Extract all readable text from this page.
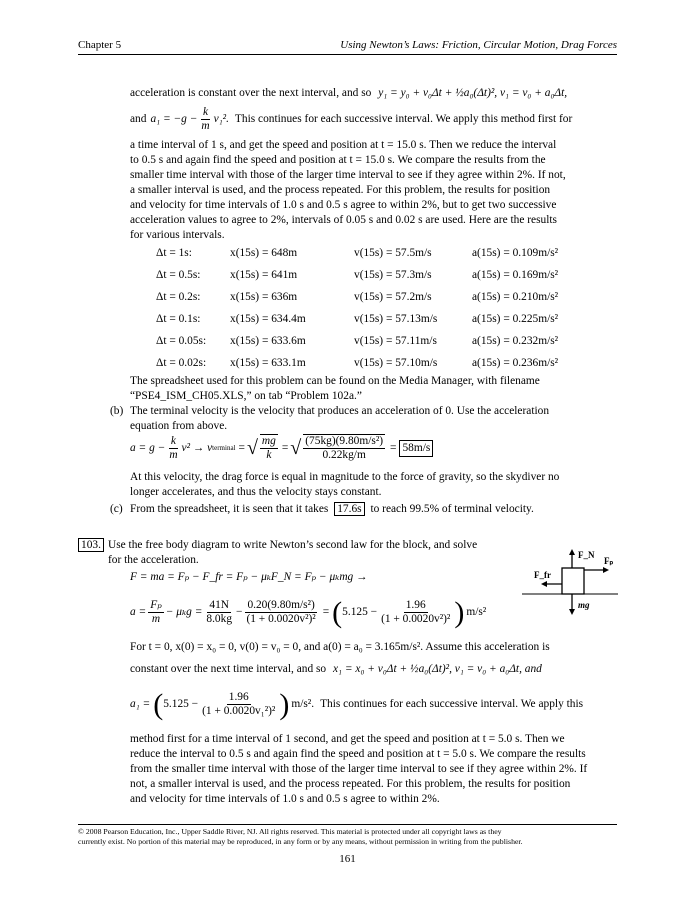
Chapter 5	Using Newton’s Laws: Friction, Circular Motion, Drag Forces
acceleration is constant over the next interval, and so y₁ = y₀ + v₀Δt + ½a₀(Δt)², v₁ = v₀ + a₀Δt,
and $a_1 = -g - \frac{k}{m} v_1^2$. This continues for each successive interval. We apply this method first for
a time interval of 1 s, and get the speed and position at t = 15.0 s. Then we reduce the interval
to 0.5 s and again find the speed and position at t = 15.0 s. We compare the results from the
smaller time interval with those of the larger time interval to see if they agree within 2%. If not,
a smaller interval is used, and the process repeated. For this problem, the results for position
and velocity for time intervals of 1.0 s and 0.5 s agree to within 2%, but to get two successive
acceleration values to agree to 2%, intervals of 0.05 s and 0.02 s are used. Here are the results
for various intervals.
Δt = 1s:	x(15s) = 648m	v(15s) = 57.5m/s	a(15s) = 0.109m/s²
Δt = 0.5s:	x(15s) = 641m	v(15s) = 57.3m/s	a(15s) = 0.169m/s²
Δt = 0.2s:	x(15s) = 636m	v(15s) = 57.2m/s	a(15s) = 0.210m/s²
Δt = 0.1s:	x(15s) = 634.4m	v(15s) = 57.13m/s	a(15s) = 0.225m/s²
Δt = 0.05s:	x(15s) = 633.6m	v(15s) = 57.11m/s	a(15s) = 0.232m/s²
Δt = 0.02s:	x(15s) = 633.1m	v(15s) = 57.10m/s	a(15s) = 0.236m/s²
The spreadsheet used for this problem can be found on the Media Manager, with filename
“PSE4_ISM_CH05.XLS,” on tab “Problem 102a.”
(b) The terminal velocity is the velocity that produces an acceleration of 0. Use the acceleration
equation from above.
$a = g - \frac{k}{m} v^2 \to v$ terminal = √ $\frac{mg}{k}$ = √ $\frac{\text{(75kg)(9.80m/s²)}}{0.22kg/m} = 58m/s$
At this velocity, the drag force is equal in magnitude to the force of gravity, so the skydiver no
longer accelerates, and thus the velocity stays constant.
(c) From the spreadsheet, it is seen that it takes 17.6s to reach 99.5% of terminal velocity.
103. Use the free body diagram to write Newton’s second law for the block, and solve
for the acceleration.
F = ma = Fₚ − F_fr = Fₚ − μₖF_N = Fₚ − μₖmg →
$a = \frac{\text{Fₚ}}{m} - \mu_kg = \frac{41N}{8.0kg} - \frac{\text{0.20(9.80m/s²)}}{\text{(1 + 0.0020v²)²}}$ = ( $5.125 - \frac{1.96}{\text{(1 + 0.0020v²)²}}$ ) m/s²
For t = 0, x(0) = x₀ = 0, v(0) = v₀ = 0, and a(0) = a₀ = 3.165m/s². Assume this acceleration is
constant over the next time interval, and so x₁ = x₀ + v₀Δt + ½a₀(Δt)², v₁ = v₀ + a₀Δt, and
a₁ = ( $5.125 - \frac{1.96}{\text{(1 + 0.0020v₁²)²}}$ ) m/s². This continues for each successive interval. We apply this
method first for a time interval of 1 second, and get the speed and position at t = 5.0 s. Then we
reduce the interval to 0.5 s and again find the speed and position at t = 5.0 s. We compare the results
from the smaller time interval with those of the larger time interval to see if they agree within 2%. If
not, a smaller interval is used, and the process repeated. For this problem, the results for position
and velocity for time intervals of 1.0 s and 0.5 s agree to within 2%.
F_N
Fₚ
F_fr
mg
© 2008 Pearson Education, Inc., Upper Saddle River, NJ. All rights reserved. This material is protected under all copyright laws as they
currently exist. No portion of this material may be reproduced, in any form or by any means, without permission in writing from the publisher.
161
